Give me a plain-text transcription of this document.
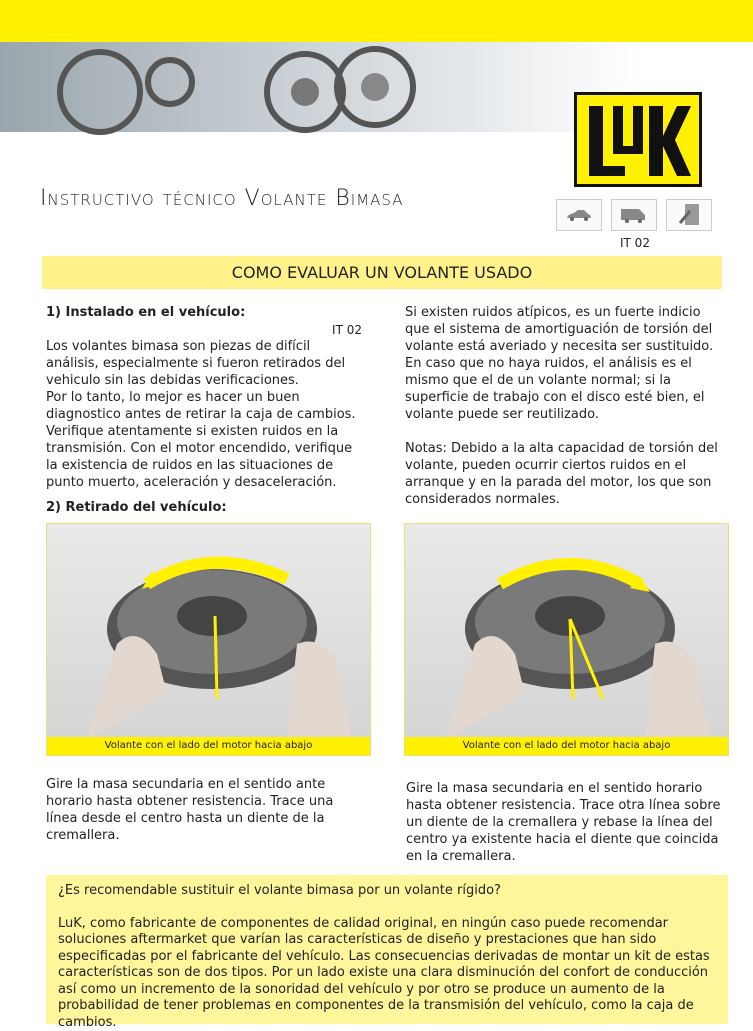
Instructivo técnico Volante Bimasa
IT 02
COMO EVALUAR UN VOLANTE USADO
1) Instalado en el vehículo:
IT 02

Los volantes bimasa son piezas de difícil análisis, especialmente si fueron retirados del vehiculo sin las debidas verificaciones.

Por lo tanto, lo mejor es hacer un buen diagnostico antes de retirar la caja de cambios. Verifique atentamente si existen ruidos en la transmisión. Con el motor encendido, verifique la existencia de ruidos en las situaciones de punto muerto, aceleración y desaceleración.

2) Retirado del vehículo:

Si existen ruidos atípicos, es un fuerte indicio que el sistema de amortiguación de torsión del volante está averiado y necesita ser sustituido. En caso que no haya ruidos, el análisis es el mismo que el de un volante normal; si la superficie de trabajo con el disco esté bien, el volante puede ser reutilizado.

Notas: Debido a la alta capacidad de torsión del volante, pueden ocurrir ciertos ruidos en el arranque y en la parada del motor, los que son considerados normales.

Volante con el lado del motor hacia abajo	Volante con el lado del motor hacia abajo

Gire la masa secundaria en el sentido ante horario hasta obtener resistencia. Trace una línea desde el centro hasta un diente de la cremallera.

Gire la masa secundaria en el sentido horario hasta obtener resistencia. Trace otra línea sobre un diente de la cremallera y rebase la línea del centro ya existente hacia el diente que coincida en la cremallera.

¿Es recomendable sustituir el volante bimasa por un volante rígido?
LuK, como fabricante de componentes de calidad original, en ningún caso puede recomendar soluciones aftermarket que varían las características de diseño y prestaciones que han sido especificadas por el fabricante del vehículo. Las consecuencias derivadas de montar un kit de estas características son de dos tipos. Por un lado existe una clara disminución del confort de conducción así como un incremento de la sonoridad del vehículo y por otro se produce un aumento de la probabilidad de tener problemas en componentes de la transmisión del vehículo, como la caja de cambios.
